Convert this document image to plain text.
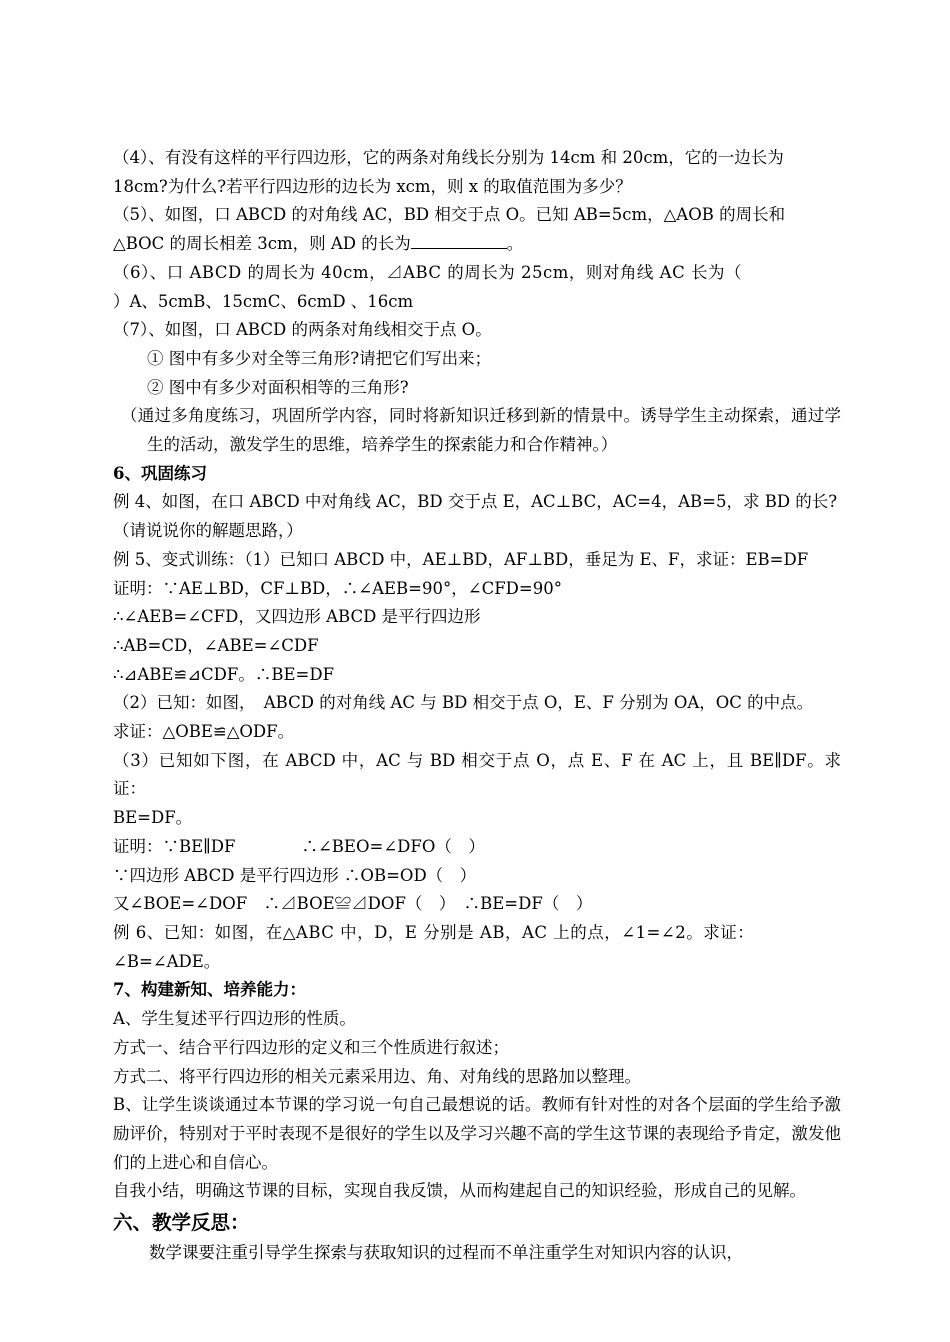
（4）、有没有这样的平行四边形，它的两条对角线长分别为 14cm 和 20cm，它的一边长为

18cm?为什么?若平行四边形的边长为 xcm，则 x 的取值范围为多少？

（5）、如图，口 ABCD 的对角线 AC，BD 相交于点 O。已知 AB=5cm，△AOB 的周长和

△BOC 的周长相差 3cm，则 AD 的长为	。

（6）、口 ABCD 的周长为 40cm，⊿ABC 的周长为 25cm，则对角线 AC 长为（

）A、5cmB、15cmC、6cmD 、16cm

（7）、如图，口 ABCD 的两条对角线相交于点 O。

① 图中有多少对全等三角形?请把它们写出来；

② 图中有多少对面积相等的三角形?

（通过多角度练习，巩固所学内容，同时将新知识迁移到新的情景中。诱导学生主动探索，通过学生的活动，激发学生的思维，培养学生的探索能力和合作精神。）

6、巩固练习

例 4、如图，在口 ABCD 中对角线 AC，BD 交于点 E，AC⊥BC，AC=4，AB=5，求 BD 的长?

（请说说你的解题思路，）

例 5、变式训练：（1）已知口 ABCD 中，AE⊥BD，AF⊥BD，垂足为 E、F，求证：EB=DF

证明：∵AE⊥BD，CF⊥BD，∴∠AEB=90°，∠CFD=90°

∴∠AEB=∠CFD，又四边形 ABCD 是平行四边形

∴AB=CD，∠ABE=∠CDF

∴⊿ABE≌⊿CDF。∴BE=DF

（2）已知：如图，　ABCD 的对角线 AC 与 BD 相交于点 O，E、F 分别为 OA，OC 的中点。

求证：△OBE≌△ODF。

（3）已知如下图，在 ABCD 中，AC 与 BD 相交于点 O，点 E、F 在 AC 上，且 BE∥DF。求证：

BE=DF。

证明：∵BE∥DF　　　　∴∠BEO=∠DFO（　）

∵四边形 ABCD 是平行四边形 ∴OB=OD（　）

又∠BOE=∠DOF　∴⊿BOE≌⊿DOF（　）　∴BE=DF（　）

例 6、已知：如图，在△ABC 中，D，E 分别是 AB，AC 上的点，∠1=∠2。求证：

∠B=∠ADE。

7、构建新知、培养能力：

A、学生复述平行四边形的性质。

方式一、结合平行四边形的定义和三个性质进行叙述；

方式二、将平行四边形的相关元素采用边、角、对角线的思路加以整理。

B、让学生谈谈通过本节课的学习说一句自己最想说的话。教师有针对性的对各个层面的学生给予激励评价，特别对于平时表现不是很好的学生以及学习兴趣不高的学生这节课的表现给予肯定，激发他们的上进心和自信心。

自我小结，明确这节课的目标，实现自我反馈，从而构建起自己的知识经验，形成自己的见解。

六、教学反思：

数学课要注重引导学生探索与获取知识的过程而不单注重学生对知识内容的认识，
